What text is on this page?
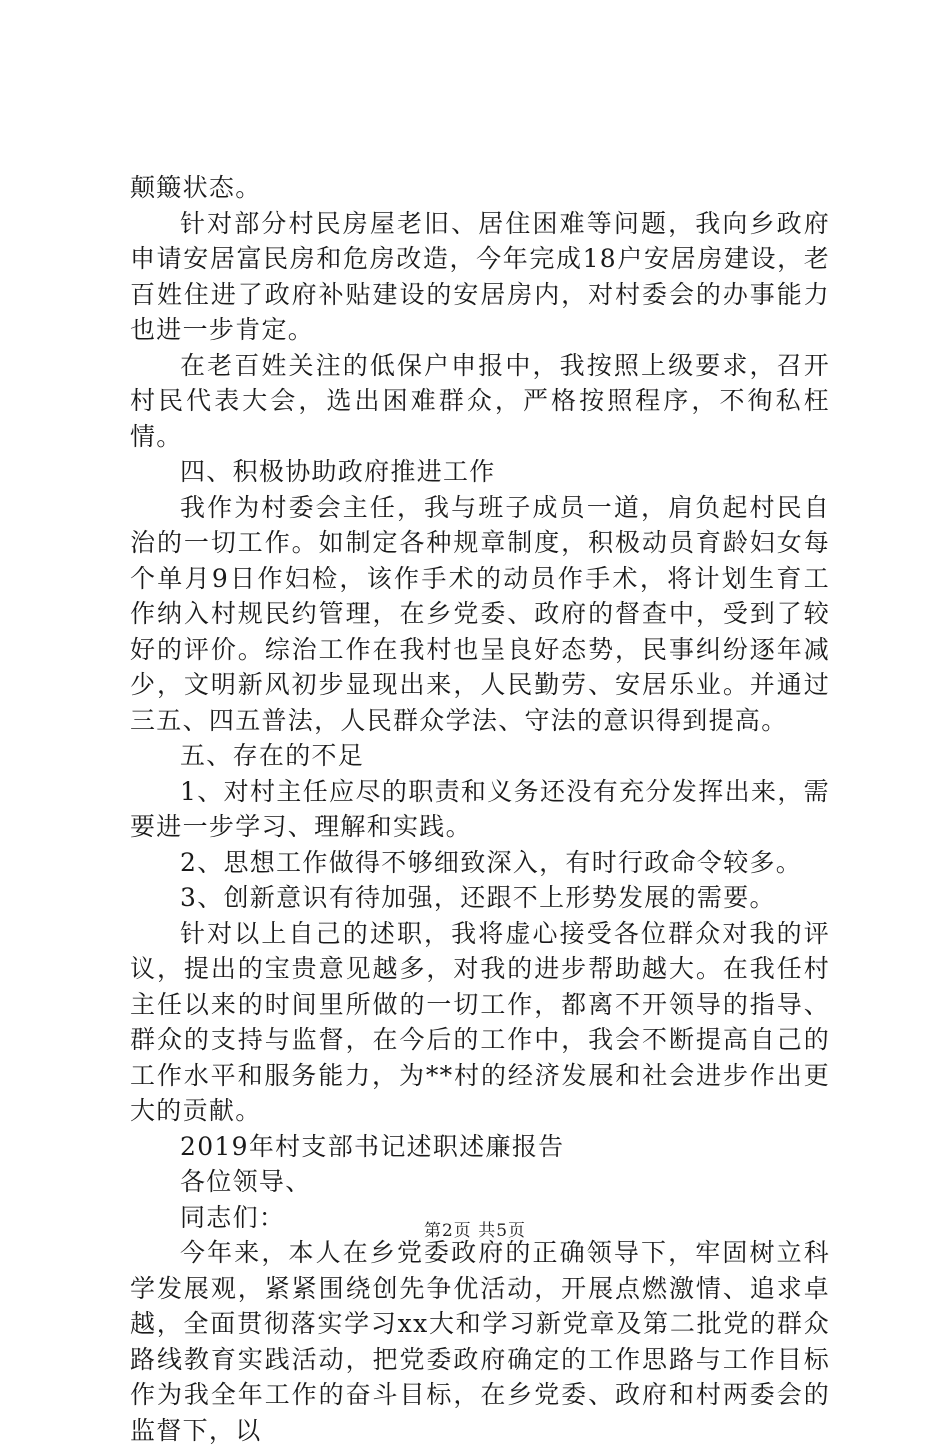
颠簸状态。

针对部分村民房屋老旧、居住困难等问题，我向乡政府申请安居富民房和危房改造，今年完成18户安居房建设，老百姓住进了政府补贴建设的安居房内，对村委会的办事能力也进一步肯定。

在老百姓关注的低保户申报中，我按照上级要求，召开村民代表大会，选出困难群众，严格按照程序，不徇私枉情。

四、积极协助政府推进工作

我作为村委会主任，我与班子成员一道，肩负起村民自治的一切工作。如制定各种规章制度，积极动员育龄妇女每个单月9日作妇检，该作手术的动员作手术，将计划生育工作纳入村规民约管理，在乡党委、政府的督查中，受到了较好的评价。综治工作在我村也呈良好态势，民事纠纷逐年减少，文明新风初步显现出来，人民勤劳、安居乐业。并通过三五、四五普法，人民群众学法、守法的意识得到提高。

五、存在的不足

1、对村主任应尽的职责和义务还没有充分发挥出来，需要进一步学习、理解和实践。

2、思想工作做得不够细致深入，有时行政命令较多。

3、创新意识有待加强，还跟不上形势发展的需要。

针对以上自己的述职，我将虚心接受各位群众对我的评议，提出的宝贵意见越多，对我的进步帮助越大。在我任村主任以来的时间里所做的一切工作，都离不开领导的指导、群众的支持与监督，在今后的工作中，我会不断提高自己的工作水平和服务能力，为**村的经济发展和社会进步作出更大的贡献。

2019年村支部书记述职述廉报告

各位领导、

同志们：

今年来，本人在乡党委政府的正确领导下，牢固树立科学发展观，紧紧围绕创先争优活动，开展点燃激情、追求卓越，全面贯彻落实学习xx大和学习新党章及第二批党的群众路线教育实践活动，把党委政府确定的工作思路与工作目标作为我全年工作的奋斗目标，在乡党委、政府和村两委会的监督下，以

第2页 共5页
